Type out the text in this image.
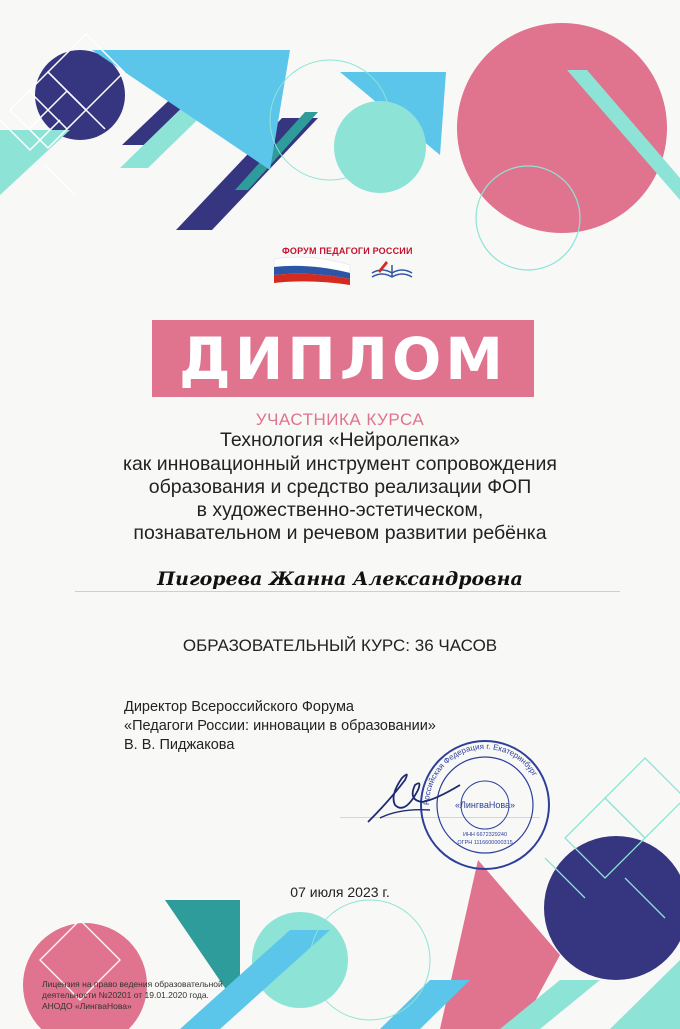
ФОРУМ ПЕДАГОГИ РОССИИ
ДИПЛОМ
УЧАСТНИКА КУРСА
Технология «Нейролепка»
как инновационный инструмент сопровождения
образования и средство реализации ФОП
в художественно-эстетическом,
познавательном и речевом развитии ребёнка
Пигорева Жанна Александровна
ОБРАЗОВАТЕЛЬНЫЙ КУРС: 36 ЧАСОВ
Директор Всероссийского Форума
«Педагоги России: инновации в образовании»
В. В. Пиджакова
Российская Федерация г. Екатеринбург
«ЛингваНова»
ИНН 6672329240
ОГРН 1116600000315
07 июля 2023 г.
Лицензия на право ведения образовательной
деятельности №20201 от 19.01.2020 года.
АНОДО «ЛингваНова»
